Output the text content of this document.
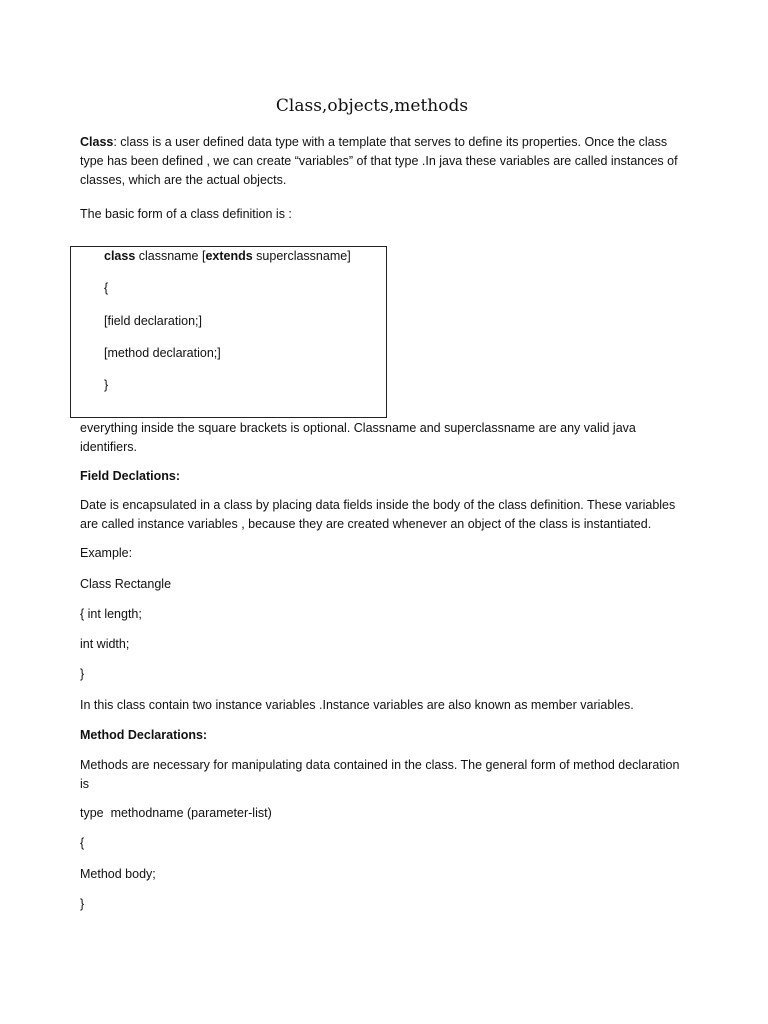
Class,objects,methods

Class: class is a user defined data type with a template that serves to define its properties. Once the class type has been defined , we can create “variables” of that type .In java these variables are called instances of classes, which are the actual objects.

The basic form of a class definition is :

class classname [extends superclassname]

{

[field declaration;]

[method declaration;]

}

everything inside the square brackets is optional. Classname and superclassname are any valid java identifiers.

Field Declations:

Date is encapsulated in a class by placing data fields inside the body of the class definition. These variables are called instance variables , because they are created whenever an object of the class is instantiated.

Example:

Class Rectangle

{ int length;

int width;

}

In this class contain two instance variables .Instance variables are also known as member variables.

Method Declarations:

Methods are necessary for manipulating data contained in the class. The general form of method declaration is

type  methodname (parameter-list)

{

Method body;

}
